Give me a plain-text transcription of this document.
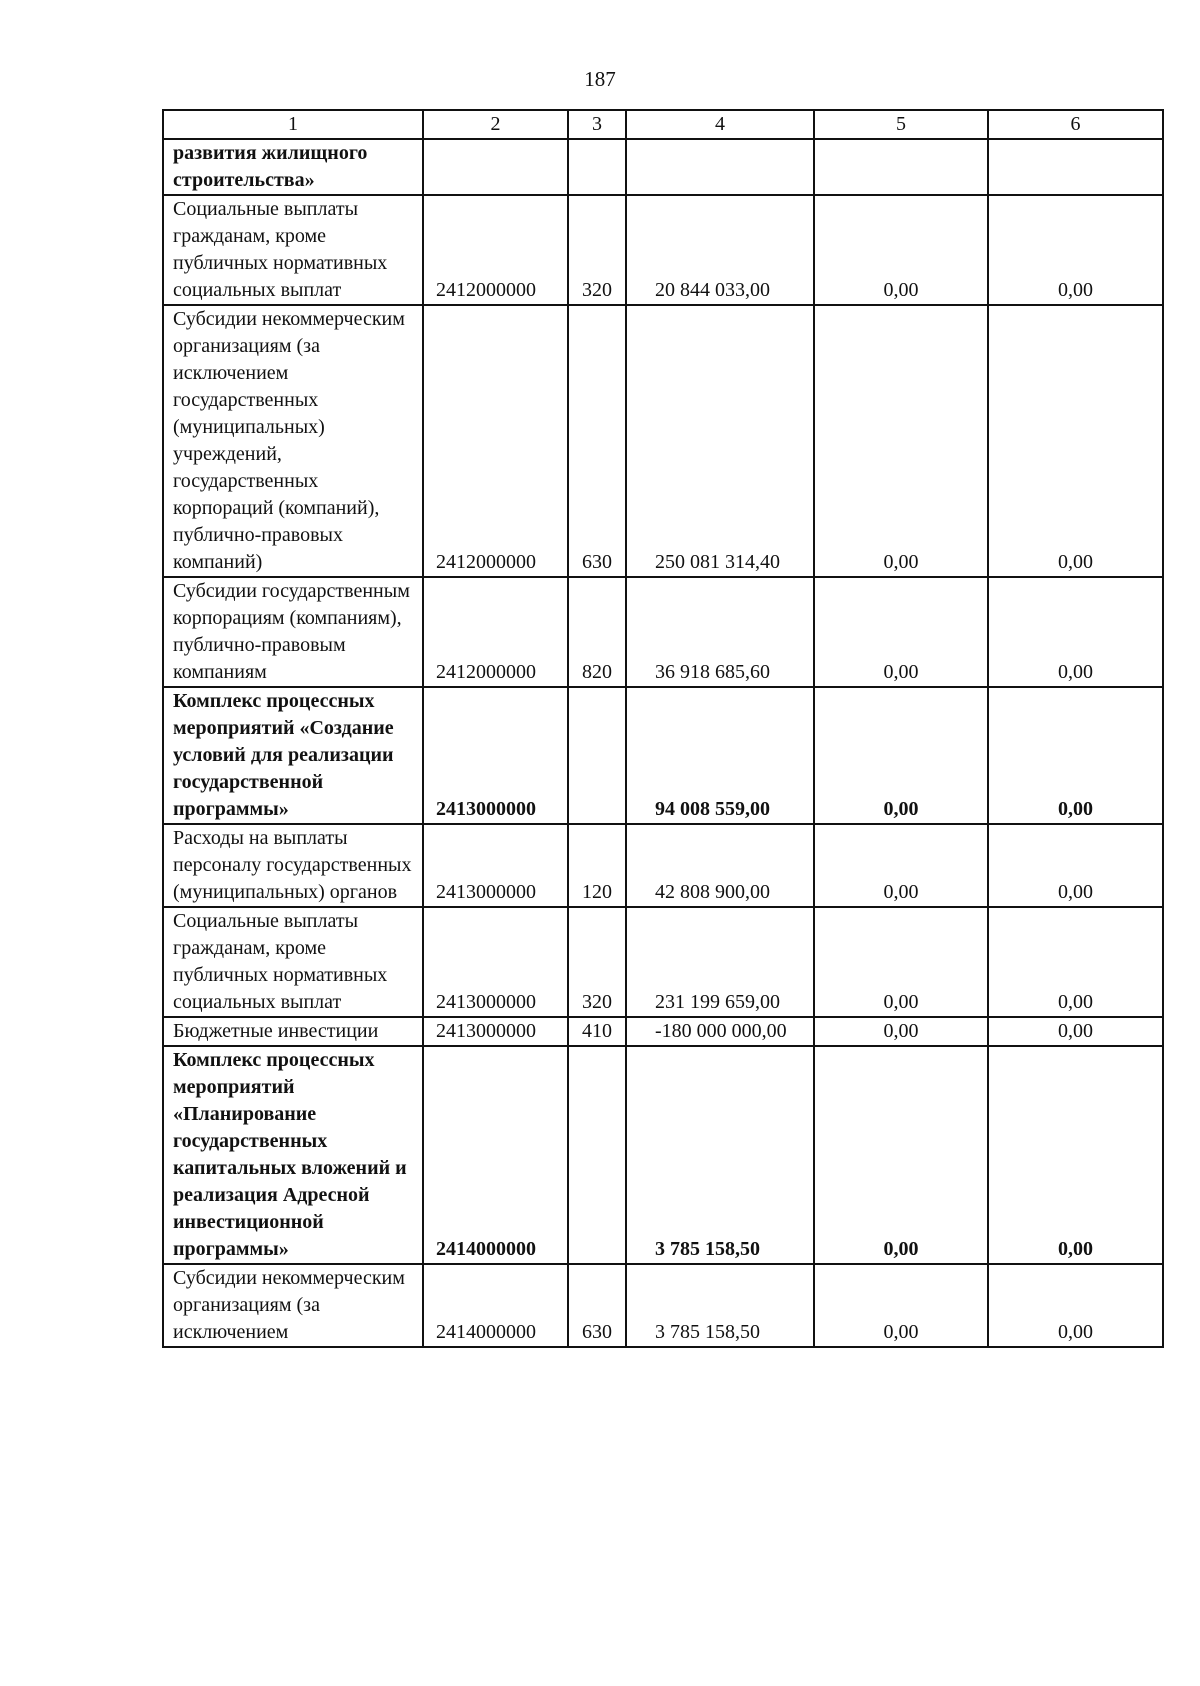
187
1	2	3	4	5	6
развития жилищного строительства»					
Социальные выплаты гражданам, кроме публичных нормативных социальных выплат	2412000000	320	20 844 033,00	0,00	0,00
Субсидии некоммерческим организациям (за исключением государственных (муниципальных) учреждений, государственных корпораций (компаний), публично-правовых компаний)	2412000000	630	250 081 314,40	0,00	0,00
Субсидии государственным корпорациям (компаниям), публично-правовым компаниям	2412000000	820	36 918 685,60	0,00	0,00
Комплекс процессных мероприятий «Создание условий для реализации государственной программы»	2413000000		94 008 559,00	0,00	0,00
Расходы на выплаты персоналу государственных (муниципальных) органов	2413000000	120	42 808 900,00	0,00	0,00
Социальные выплаты гражданам, кроме публичных нормативных социальных выплат	2413000000	320	231 199 659,00	0,00	0,00
Бюджетные инвестиции	2413000000	410	-180 000 000,00	0,00	0,00
Комплекс процессных мероприятий «Планирование государственных капитальных вложений и реализация Адресной инвестиционной программы»	2414000000		3 785 158,50	0,00	0,00
Субсидии некоммерческим организациям (за исключением	2414000000	630	3 785 158,50	0,00	0,00
